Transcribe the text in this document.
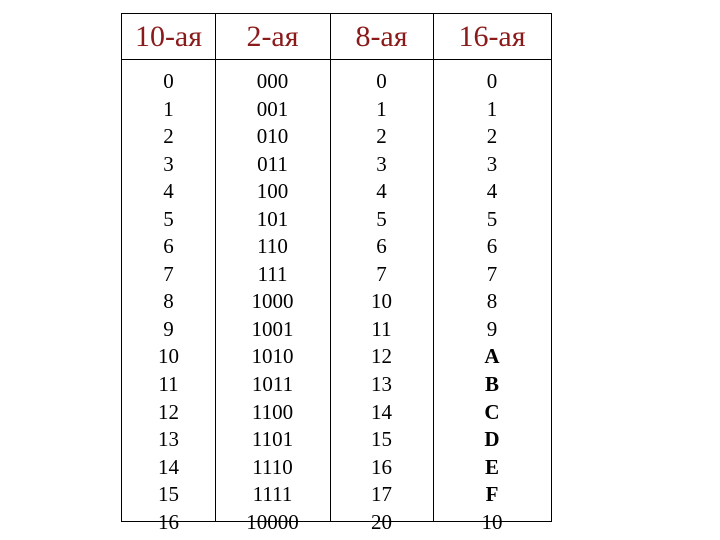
10-ая	2-ая	8-ая	16-ая
0	000	0	0
1	001	1	1
2	010	2	2
3	011	3	3
4	100	4	4
5	101	5	5
6	110	6	6
7	111	7	7
8	1000	10	8
9	1001	11	9
10	1010	12	A
11	1011	13	B
12	1100	14	C
13	1101	15	D
14	1110	16	E
15	1111	17	F
16	10000	20	10
